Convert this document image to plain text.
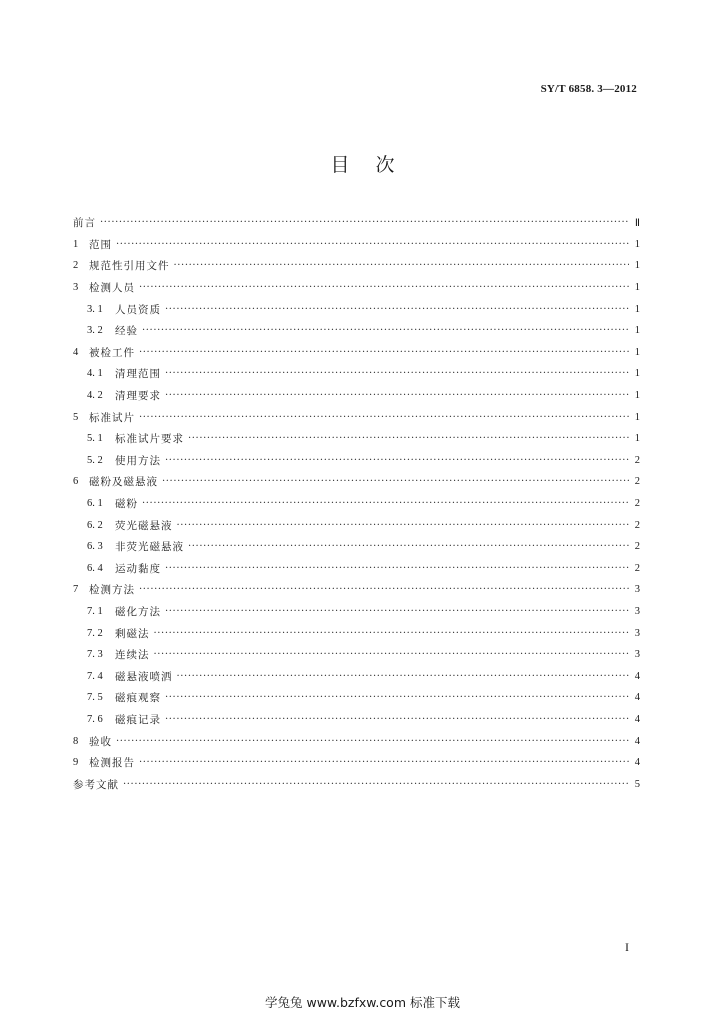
SY/T 6858. 3—2012
目次
前言 ·····	Ⅱ
1	范围 ·····	1
2	规范性引用文件 ·····	1
3	检测人员 ·····	1
3. 1	人员资质 ·····	1
3. 2	经验 ·····	1
4	被检工件 ·····	1
4. 1	清理范围 ·····	1
4. 2	清理要求 ·····	1
5	标准试片 ·····	1
5. 1	标准试片要求 ·····	1
5. 2	使用方法 ·····	2
6	磁粉及磁悬液 ·····	2
6. 1	磁粉 ·····	2
6. 2	荧光磁悬液 ·····	2
6. 3	非荧光磁悬液 ·····	2
6. 4	运动黏度 ·····	2
7	检测方法 ·····	3
7. 1	磁化方法 ·····	3
7. 2	剩磁法 ·····	3
7. 3	连续法 ·····	3
7. 4	磁悬液喷洒 ·····	4
7. 5	磁痕观察 ·····	4
7. 6	磁痕记录 ·····	4
8	验收 ·····	4
9	检测报告 ·····	4
参考文献 ·····	5
I
学兔兔 www.bzfxw.com 标准下载
